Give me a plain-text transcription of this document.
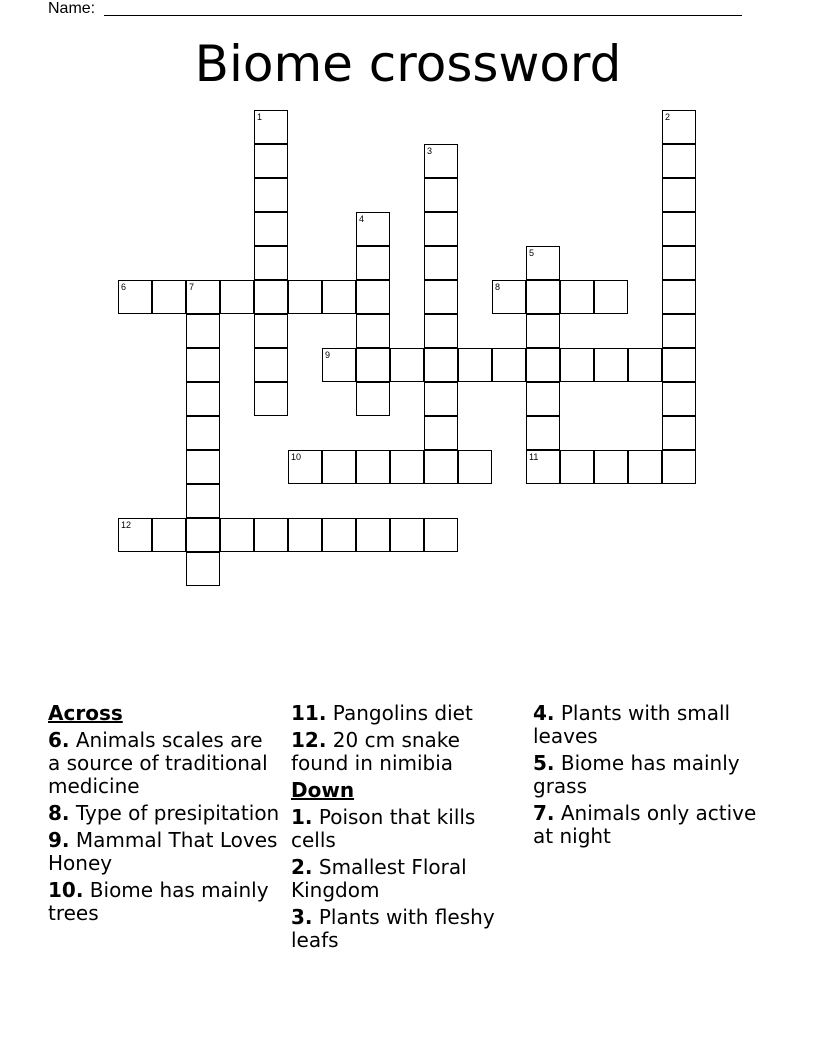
Name:
Biome crossword
1	2
3
4
5
11
6	7	8
9
10
12
Across
6. Animals scales are a source of traditional medicine
8. Type of presipitation
9. Mammal That Loves Honey
10. Biome has mainly trees
11. Pangolins diet
12. 20 cm snake found in nimibia
Down
1. Poison that kills cells
2. Smallest Floral Kingdom
3. Plants with fleshy leafs
4. Plants with small leaves
5. Biome has mainly grass
7. Animals only active at night
